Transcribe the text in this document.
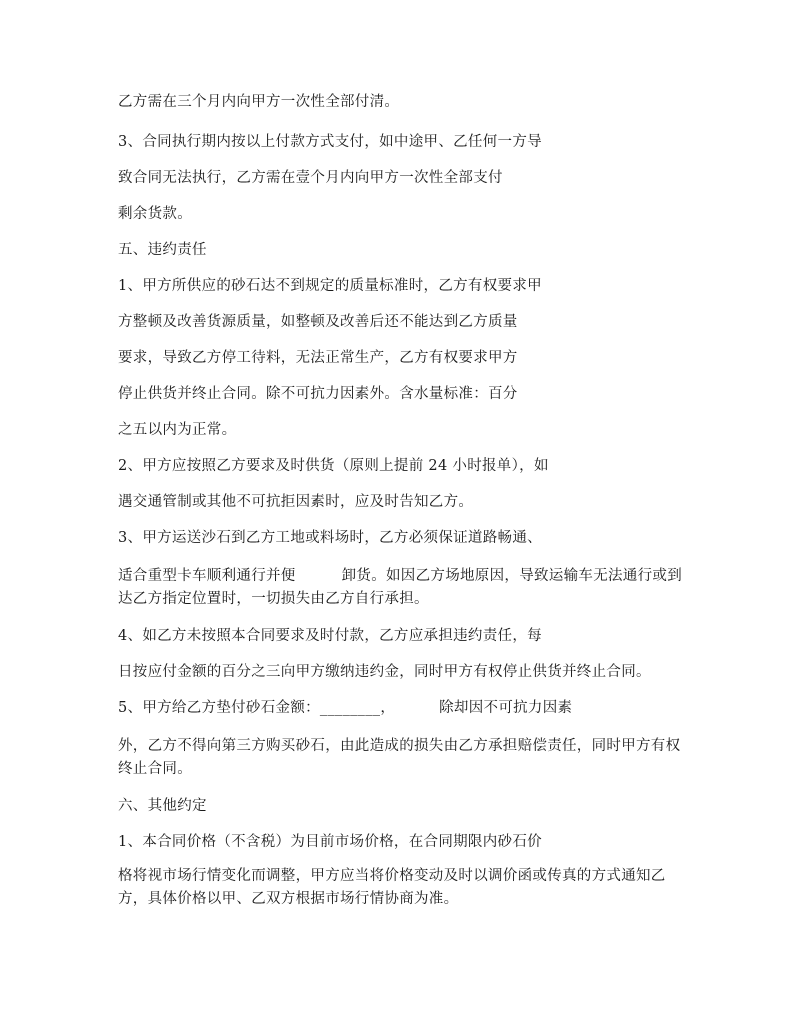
乙方需在三个月内向甲方一次性全部付清。
3、合同执行期内按以上付款方式支付，如中途甲、乙任何一方导
致合同无法执行，乙方需在壹个月内向甲方一次性全部支付
剩余货款。
五、违约责任
1、甲方所供应的砂石达不到规定的质量标准时，乙方有权要求甲
方整顿及改善货源质量，如整顿及改善后还不能达到乙方质量
要求，导致乙方停工待料，无法正常生产，乙方有权要求甲方
停止供货并终止合同。除不可抗力因素外。含水量标准：百分
之五以内为正常。
2、甲方应按照乙方要求及时供货（原则上提前 24 小时报单），如
遇交通管制或其他不可抗拒因素时，应及时告知乙方。
3、甲方运送沙石到乙方工地或料场时，乙方必须保证道路畅通、
适合重型卡车顺利通行并便	卸货。如因乙方场地原因，导致运输车无法通行或到达乙方指定位置时，一切损失由乙方自行承担。
4、如乙方未按照本合同要求及时付款，乙方应承担违约责任，每
日按应付金额的百分之三向甲方缴纳违约金，同时甲方有权停止供货并终止合同。
5、甲方给乙方垫付砂石金额：________，	除却因不可抗力因素
外，乙方不得向第三方购买砂石，由此造成的损失由乙方承担赔偿责任，同时甲方有权终止合同。
六、其他约定
1、本合同价格（不含税）为目前市场价格，在合同期限内砂石价
格将视市场行情变化而调整，甲方应当将价格变动及时以调价函或传真的方式通知乙方，具体价格以甲、乙双方根据市场行情协商为准。
